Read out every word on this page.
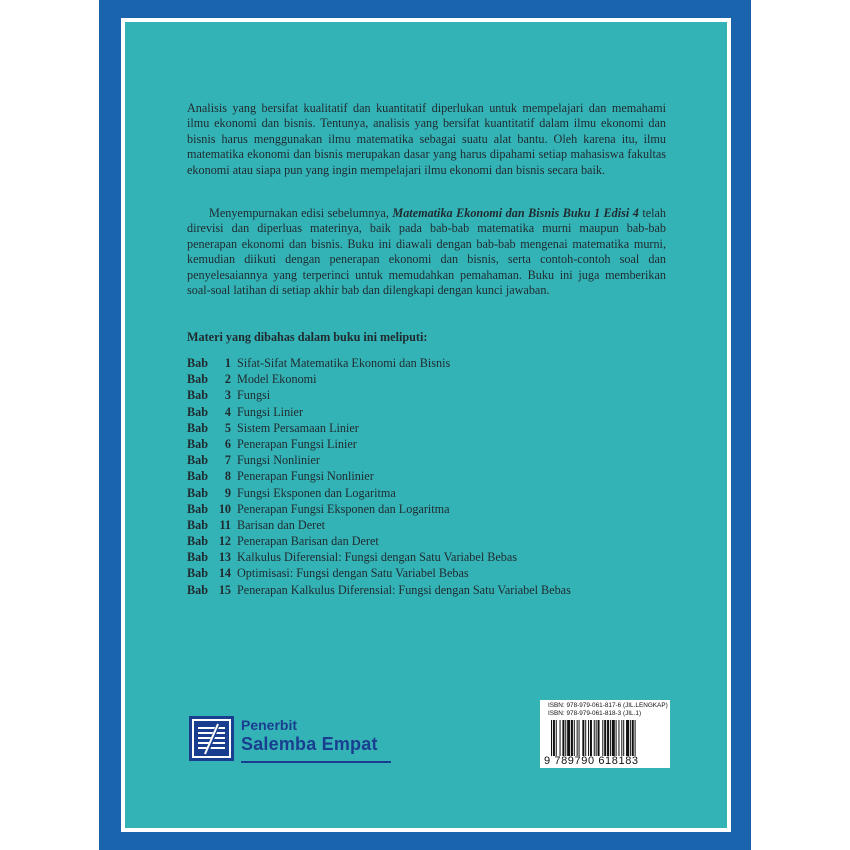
Analisis yang bersifat kualitatif dan kuantitatif diperlukan untuk mempelajari dan memahami ilmu ekonomi dan bisnis. Tentunya, analisis yang bersifat kuantitatif dalam ilmu ekonomi dan bisnis harus menggunakan ilmu matematika sebagai suatu alat bantu. Oleh karena itu, ilmu matematika ekonomi dan bisnis merupakan dasar yang harus dipahami setiap mahasiswa fakultas ekonomi atau siapa pun yang ingin mempelajari ilmu ekonomi dan bisnis secara baik.
Menyempurnakan edisi sebelumnya, Matematika Ekonomi dan Bisnis Buku 1 Edisi 4 telah direvisi dan diperluas materinya, baik pada bab-bab matematika murni maupun bab-bab penerapan ekonomi dan bisnis. Buku ini diawali dengan bab-bab mengenai matematika murni, kemudian diikuti dengan penerapan ekonomi dan bisnis, serta contoh-contoh soal dan penyelesaiannya yang terperinci untuk memudahkan pemahaman. Buku ini juga memberikan soal-soal latihan di setiap akhir bab dan dilengkapi dengan kunci jawaban.
Materi yang dibahas dalam buku ini meliputi:
Bab 1 Sifat-Sifat Matematika Ekonomi dan Bisnis
Bab 2 Model Ekonomi
Bab 3 Fungsi
Bab 4 Fungsi Linier
Bab 5 Sistem Persamaan Linier
Bab 6 Penerapan Fungsi Linier
Bab 7 Fungsi Nonlinier
Bab 8 Penerapan Fungsi Nonlinier
Bab 9 Fungsi Eksponen dan Logaritma
Bab 10 Penerapan Fungsi Eksponen dan Logaritma
Bab 11 Barisan dan Deret
Bab 12 Penerapan Barisan dan Deret
Bab 13 Kalkulus Diferensial: Fungsi dengan Satu Variabel Bebas
Bab 14 Optimisasi: Fungsi dengan Satu Variabel Bebas
Bab 15 Penerapan Kalkulus Diferensial: Fungsi dengan Satu Variabel Bebas
Penerbit
Salemba Empat
ISBN: 978-979-061-817-6 (JIL.LENGKAP)
ISBN: 978-979-061-818-3 (JIL.1)
9 789790 618183
